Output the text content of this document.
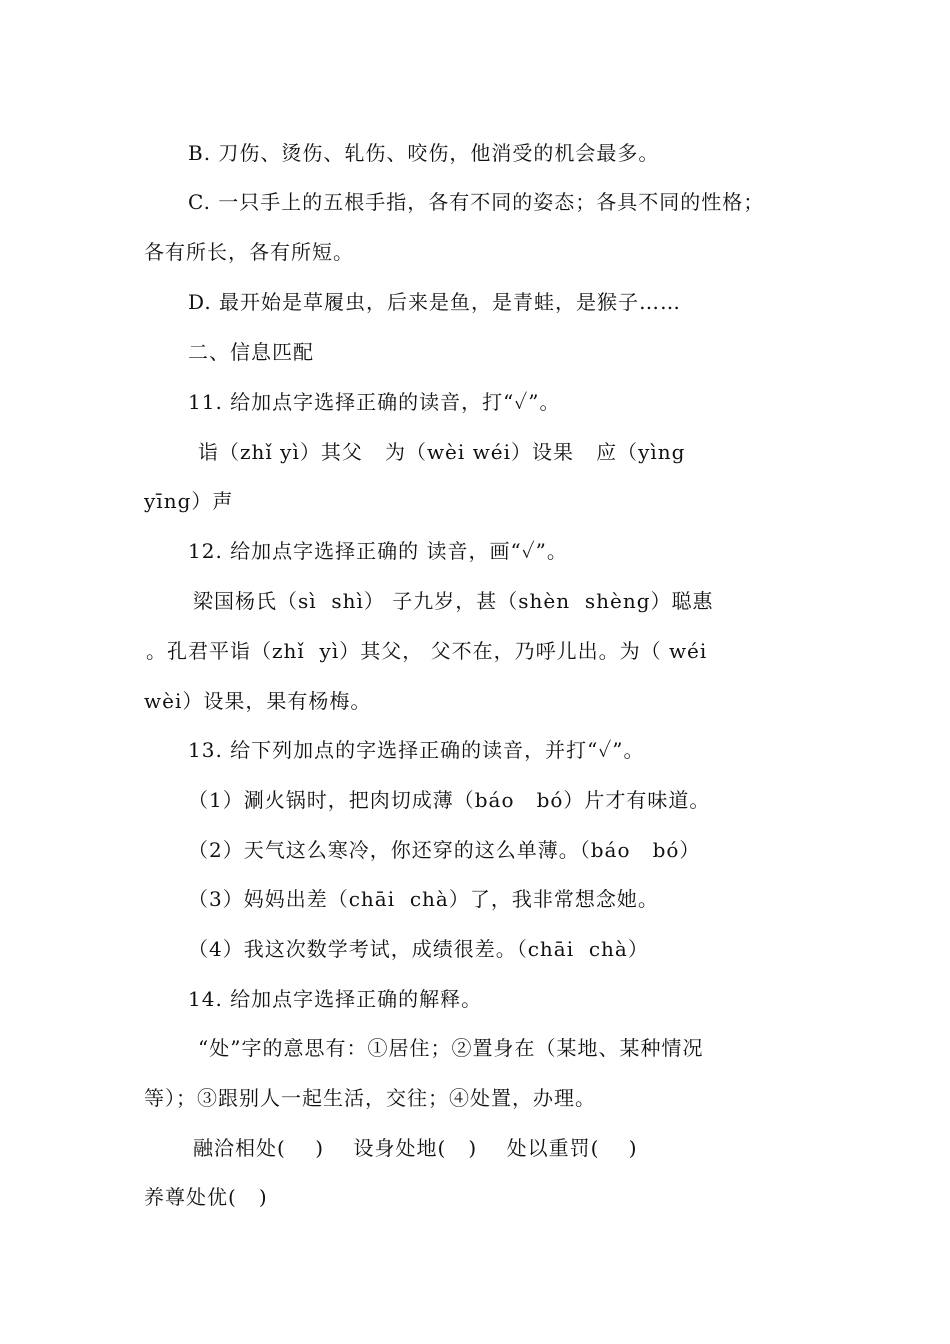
B. 刀伤、烫伤、轧伤、咬伤，他消受的机会最多。
C. 一只手上的五根手指，各有不同的姿态；各具不同的性格；
各有所长，各有所短。
D. 最开始是草履虫，后来是鱼，是青蛙，是猴子……
二、信息匹配
11. 给加点字选择正确的读音，打“✓”。
诣（zhǐ yì）其父   为（wèi wéi）设果   应（yìng
yīng）声
12. 给加点字选择正确的 读音，画“✓”。
梁国杨氏（sì  shì） 子九岁，甚（shèn  shèng）聪惠
。孔君平诣（zhǐ  yì）其父， 父不在，乃呼儿出。为（ wéi
wèi）设果，果有杨梅。
13. 给下列加点的字选择正确的读音，并打“✓”。
（1）涮火锅时，把肉切成薄（báo   bó）片才有味道。
（2）天气这么寒冷，你还穿的这么单薄。（báo   bó）
（3）妈妈出差（chāi  chà）了，我非常想念她。
（4）我这次数学考试，成绩很差。（chāi  chà）
14. 给加点字选择正确的解释。
“处”字的意思有：①居住；②置身在（某地、某种情况
等）；③跟别人一起生活，交往；④处置，办理。
融洽相处(    )    设身处地(   )    处以重罚(    )
养尊处优(   )
